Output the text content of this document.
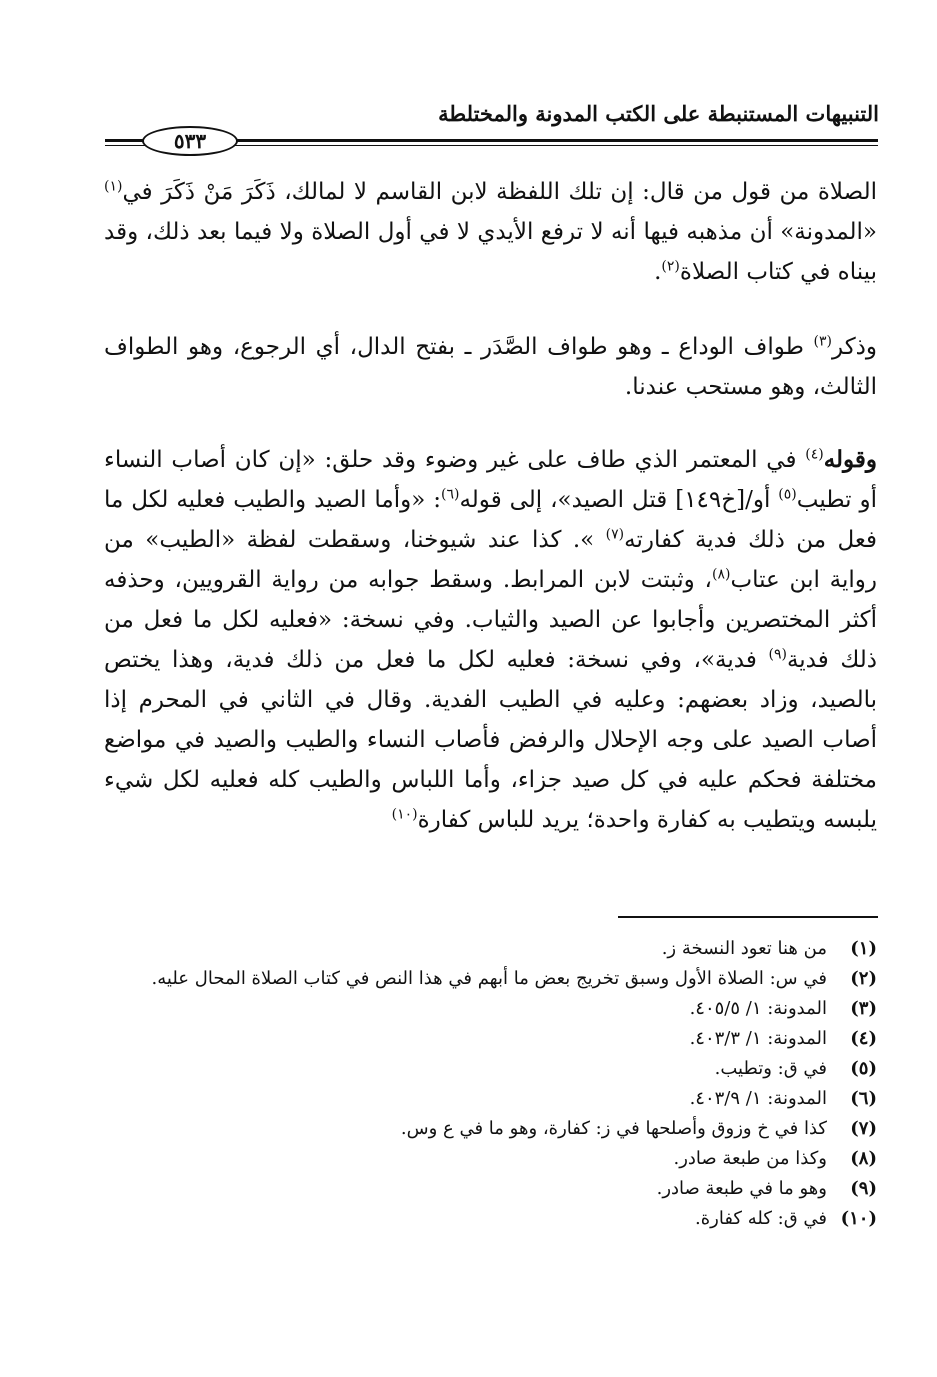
التنبيهات المستنبطة على الكتب المدونة والمختلطة
٥٣٣

الصلاة من قول من قال: إن تلك اللفظة لابن القاسم لا لمالك، ذَكَرَ مَنْ ذَكَرَ في$^{(١)}$ «المدونة» أن مذهبه فيها أنه لا ترفع الأيدي لا في أول الصلاة ولا فيما بعد ذلك، وقد بيناه في كتاب الصلاة$^{(٢)}$.

وذكر$^{(٣)}$ طواف الوداع ـ وهو طواف الصَّدَر ـ بفتح الدال، أي الرجوع، وهو الطواف الثالث، وهو مستحب عندنا.

وقوله$^{(٤)}$ في المعتمر الذي طاف على غير وضوء وقد حلق: «إن كان أصاب النساء أو تطيب$^{(٥)}$ أو/[خ١٤٩] قتل الصيد»، إلى قوله$^{(٦)}$: «وأما الصيد والطيب فعليه لكل ما فعل من ذلك فدية كفارته$^{(٧)}$ ». كذا عند شيوخنا، وسقطت لفظة «الطيب» من رواية ابن عتاب$^{(٨)}$، وثبتت لابن المرابط. وسقط جوابه من رواية القرويين، وحذفه أكثر المختصرين وأجابوا عن الصيد والثياب. وفي نسخة: «فعليه لكل ما فعل من ذلك فدية$^{(٩)}$ فدية»، وفي نسخة: فعليه لكل ما فعل من ذلك فدية، وهذا يختص بالصيد، وزاد بعضهم: وعليه في الطيب الفدية. وقال في الثاني في المحرم إذا أصاب الصيد على وجه الإحلال والرفض فأصاب النساء والطيب والصيد في مواضع مختلفة فحكم عليه في كل صيد جزاء، وأما اللباس والطيب كله فعليه لكل شيء يلبسه ويتطيب به كفارة واحدة؛ يريد للباس كفارة$^{(١٠)}$

(١)
من هنا تعود النسخة ز.
(٢)
في س: الصلاة الأول وسبق تخريج بعض ما أبهم في هذا النص في كتاب الصلاة المحال عليه.
(٣)
المدونة: ١/ ٤٠٥/٥.
(٤)
المدونة: ١/ ٤٠٣/٣.
(٥)
في ق: وتطيب.
(٦)
المدونة: ١/ ٤٠٣/٩.
(٧)
كذا في خ وزوق وأصلحها في ز: كفارة، وهو ما في ع وس.
(٨)
وكذا من طبعة صادر.
(٩)
وهو ما في طبعة صادر.
(١٠)
في ق: كله كفارة.
